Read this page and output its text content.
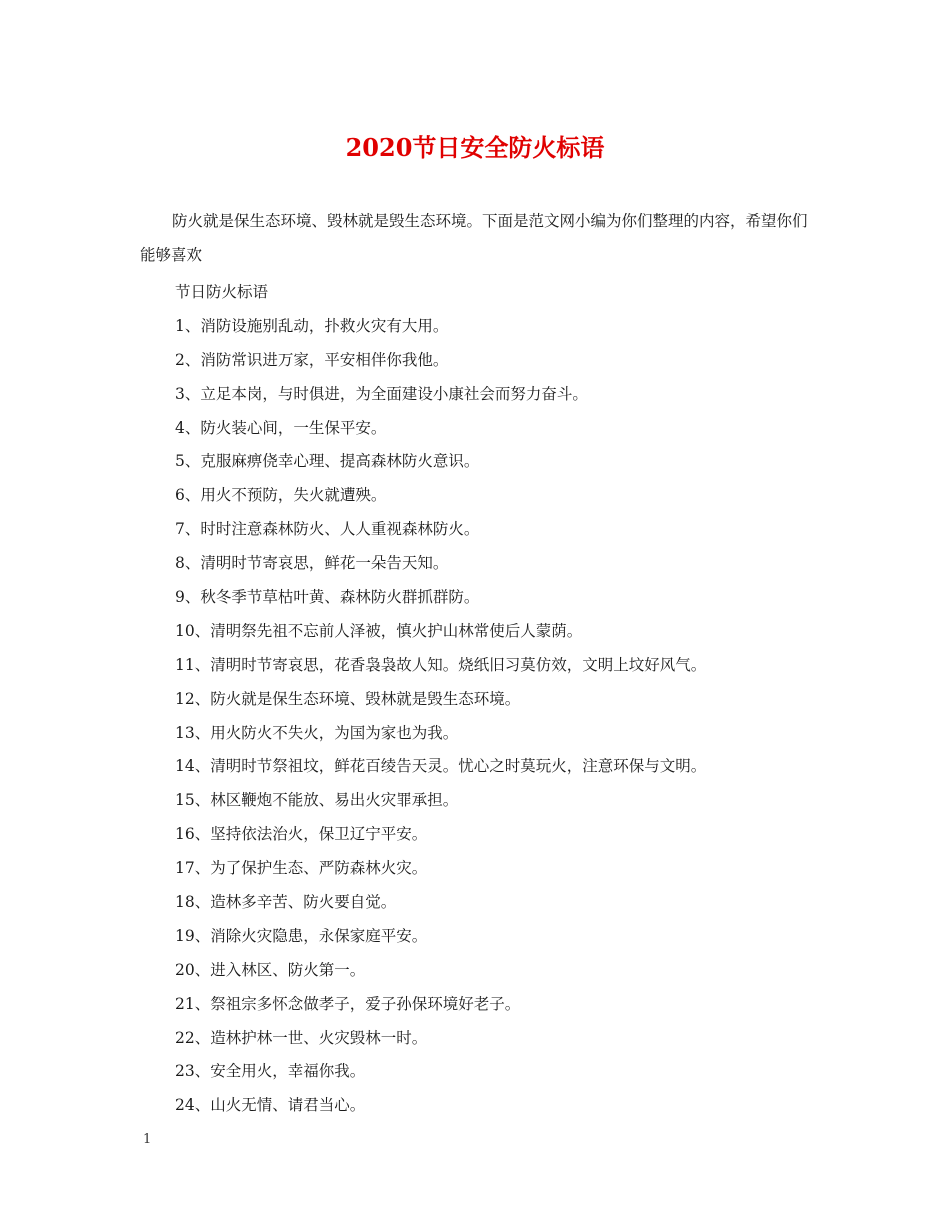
2020节日安全防火标语

防火就是保生态环境、毁林就是毁生态环境。下面是范文网小编为你们整理的内容，希望你们能够喜欢

节日防火标语
1、消防设施别乱动，扑救火灾有大用。
2、消防常识进万家，平安相伴你我他。
3、立足本岗，与时俱进，为全面建设小康社会而努力奋斗。
4、防火装心间，一生保平安。
5、克服麻痹侥幸心理、提高森林防火意识。
6、用火不预防，失火就遭殃。
7、时时注意森林防火、人人重视森林防火。
8、清明时节寄哀思，鲜花一朵告天知。
9、秋冬季节草枯叶黄、森林防火群抓群防。
10、清明祭先祖不忘前人泽被，慎火护山林常使后人蒙荫。
11、清明时节寄哀思，花香袅袅故人知。烧纸旧习莫仿效，文明上坟好风气。
12、防火就是保生态环境、毁林就是毁生态环境。
13、用火防火不失火，为国为家也为我。
14、清明时节祭祖坟，鲜花百绫告天灵。忧心之时莫玩火，注意环保与文明。
15、林区鞭炮不能放、易出火灾罪承担。
16、坚持依法治火，保卫辽宁平安。
17、为了保护生态、严防森林火灾。
18、造林多辛苦、防火要自觉。
19、消除火灾隐患，永保家庭平安。
20、进入林区、防火第一。
21、祭祖宗多怀念做孝子，爱子孙保环境好老子。
22、造林护林一世、火灾毁林一时。
23、安全用火，幸福你我。
24、山火无情、请君当心。
1
